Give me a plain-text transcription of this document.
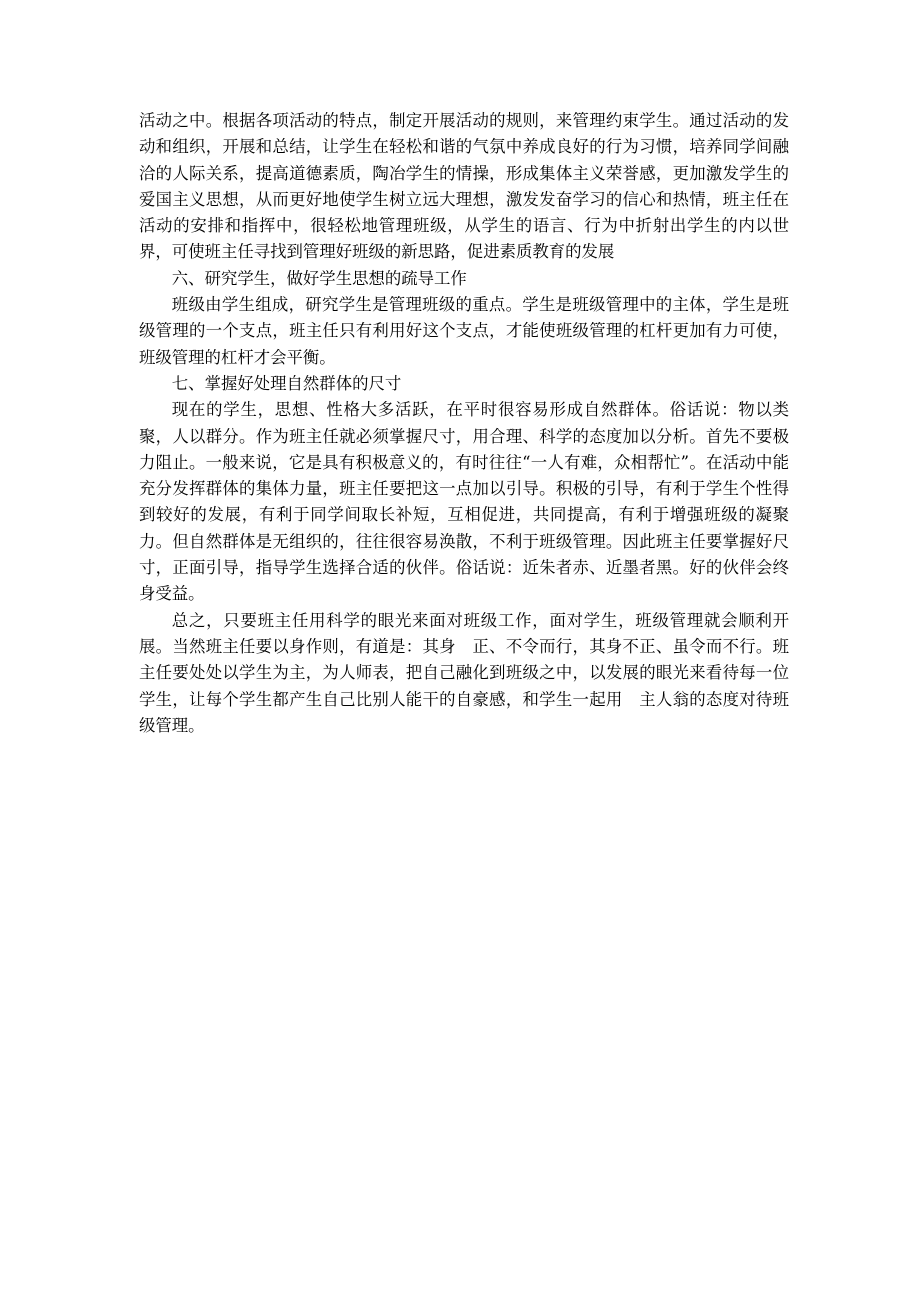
活动之中。根据各项活动的特点，制定开展活动的规则，来管理约束学生。通过活动的发动和组织，开展和总结，让学生在轻松和谐的气氛中养成良好的行为习惯，培养同学间融洽的人际关系，提高道德素质，陶冶学生的情操，形成集体主义荣誉感，更加激发学生的爱国主义思想，从而更好地使学生树立远大理想，激发发奋学习的信心和热情，班主任在活动的安排和指挥中，很轻松地管理班级，从学生的语言、行为中折射出学生的内以世界，可使班主任寻找到管理好班级的新思路，促进素质教育的发展

六、研究学生，做好学生思想的疏导工作

班级由学生组成，研究学生是管理班级的重点。学生是班级管理中的主体，学生是班级管理的一个支点，班主任只有利用好这个支点，才能使班级管理的杠杆更加有力可使，班级管理的杠杆才会平衡。

七、掌握好处理自然群体的尺寸

现在的学生，思想、性格大多活跃，在平时很容易形成自然群体。俗话说：物以类聚，人以群分。作为班主任就必须掌握尺寸，用合理、科学的态度加以分析。首先不要极力阻止。一般来说，它是具有积极意义的，有时往往“一人有难，众相帮忙”。在活动中能充分发挥群体的集体力量，班主任要把这一点加以引导。积极的引导，有利于学生个性得到较好的发展，有利于同学间取长补短，互相促进，共同提高，有利于增强班级的凝聚力。但自然群体是无组织的，往往很容易涣散，不利于班级管理。因此班主任要掌握好尺寸，正面引导，指导学生选择合适的伙伴。俗话说：近朱者赤、近墨者黑。好的伙伴会终身受益。

总之，只要班主任用科学的眼光来面对班级工作，面对学生，班级管理就会顺利开展。当然班主任要以身作则，有道是：其身　正、不令而行，其身不正、虽令而不行。班主任要处处以学生为主，为人师表，把自己融化到班级之中，以发展的眼光来看待每一位学生，让每个学生都产生自己比别人能干的自豪感，和学生一起用　主人翁的态度对待班级管理。
